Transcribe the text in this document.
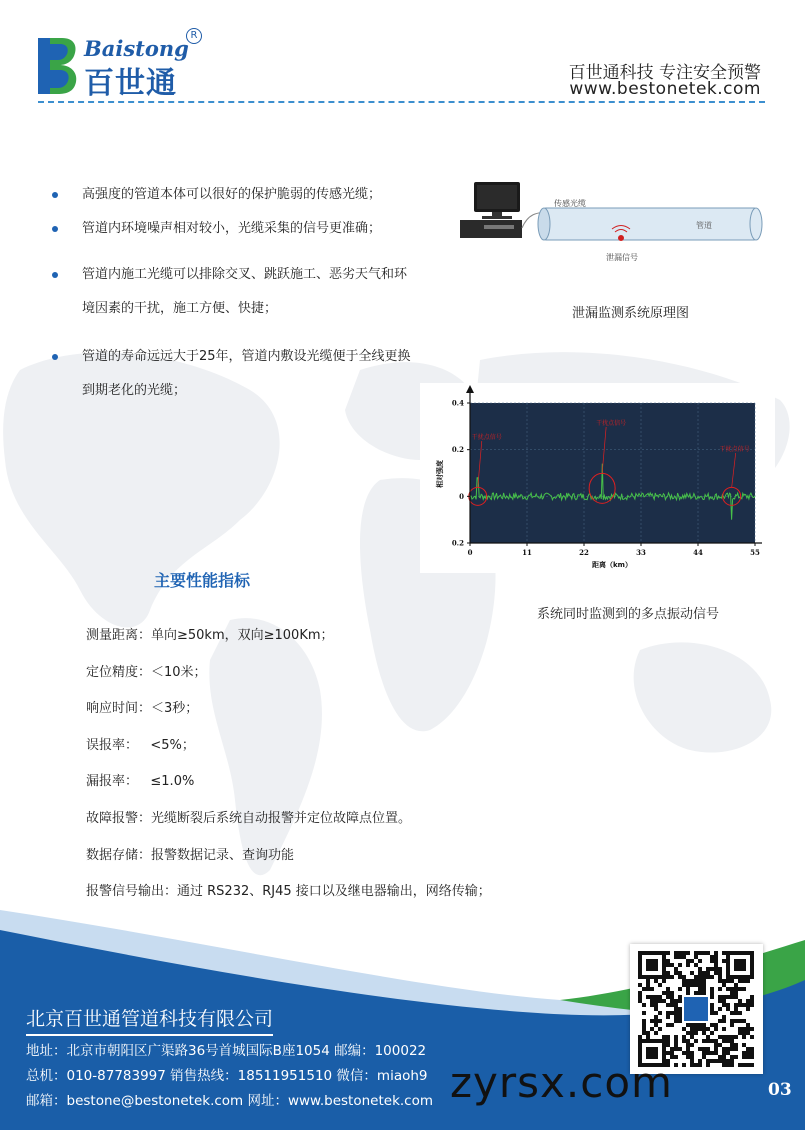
Baistong
R
百世通	百世通科技 专注安全预警
www.bestonetek.com
高强度的管道本体可以很好的保护脆弱的传感光缆；
管道内环境噪声相对较小，光缆采集的信号更准确；
管道内施工光缆可以排除交叉、跳跃施工、恶劣天气和环境因素的干扰，施工方便、快捷；
管道的寿命远远大于25年，管道内敷设光缆便于全线更换到期老化的光缆；
传感光缆
管道
泄漏信号
泄漏监测系统原理图
干扰点信号
干扰点信号
干扰点信号
0	11	22	33	44	55
0.4
0.2
0
0.2
距离（km）
相对强度
系统同时监测到的多点振动信号
主要性能指标
测量距离：单向≥50km，双向≥100Km；
定位精度：＜10米；
响应时间：＜3秒；
误报率：   <5%；
漏报率：   ≤1.0%
故障报警：光缆断裂后系统自动报警并定位故障点位置。
数据存储：报警数据记录、查询功能
报警信号输出：通过 RS232、RJ45 接口以及继电器输出，网络传输；
北京百世通管道科技有限公司
地址：北京市朝阳区广渠路36号首城国际B座1054 邮编：100022
总机：010-87783997 销售热线：18511951510 微信：miaoh9
邮箱：bestone@bestonetek.com 网址：www.bestonetek.com
03
zyrsx.com
